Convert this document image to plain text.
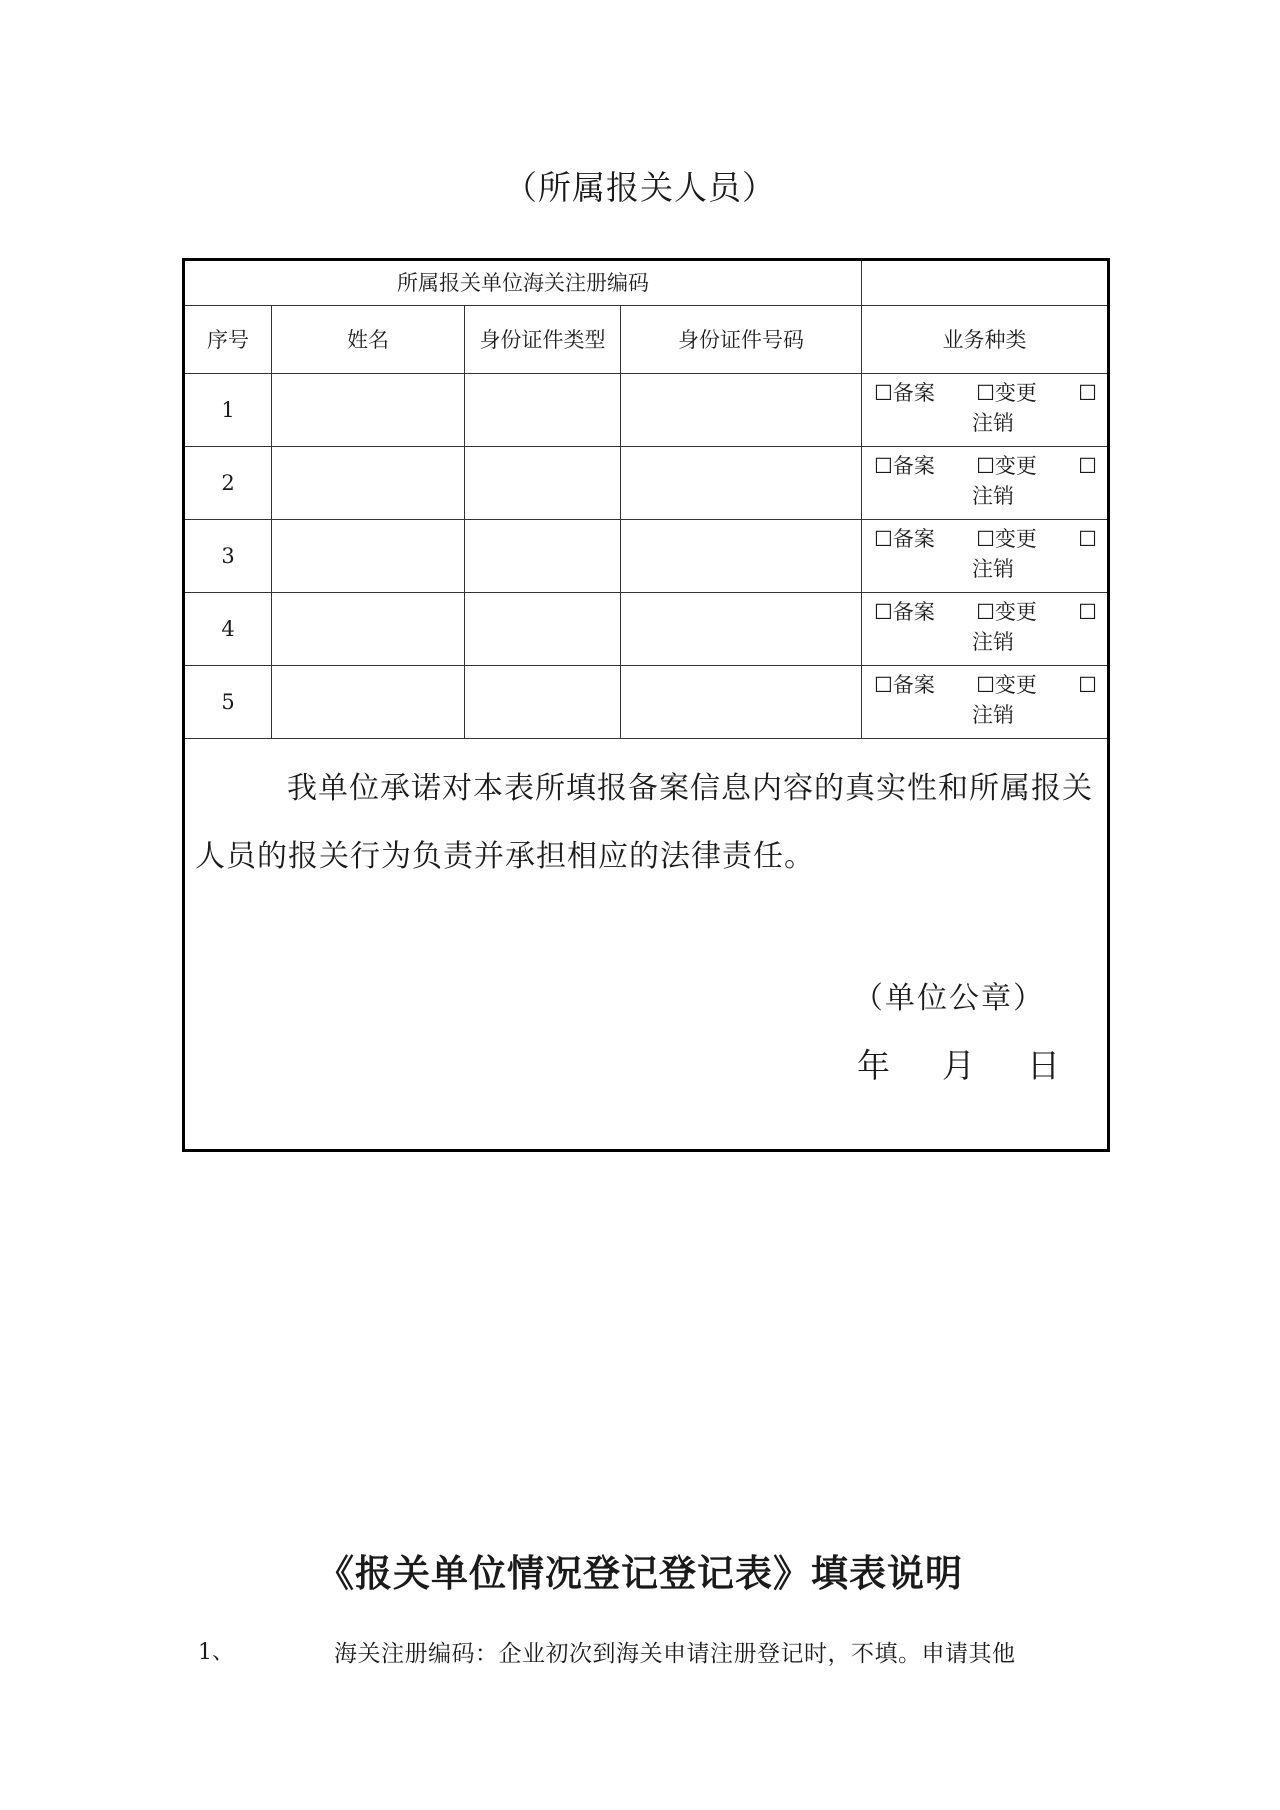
（所属报关人员）
所属报关单位海关注册编码				
序号	姓名	身份证件类型	身份证件号码	业务种类
1				☐备案 ☐变更 ☐
注销

2				☐备案 ☐变更 ☐
注销

3				☐备案 ☐变更 ☐
注销

4				☐备案 ☐变更 ☐
注销

5				☐备案 ☐变更 ☐
注销

我单位承诺对本表所填报备案信息内容的真实性和所属报关人员的报关行为负责并承担相应的法律责任。
（单位公章）
年 月 日				
《报关单位情况登记登记表》填表说明
1、	海关注册编码：企业初次到海关申请注册登记时，不填。申请其他
